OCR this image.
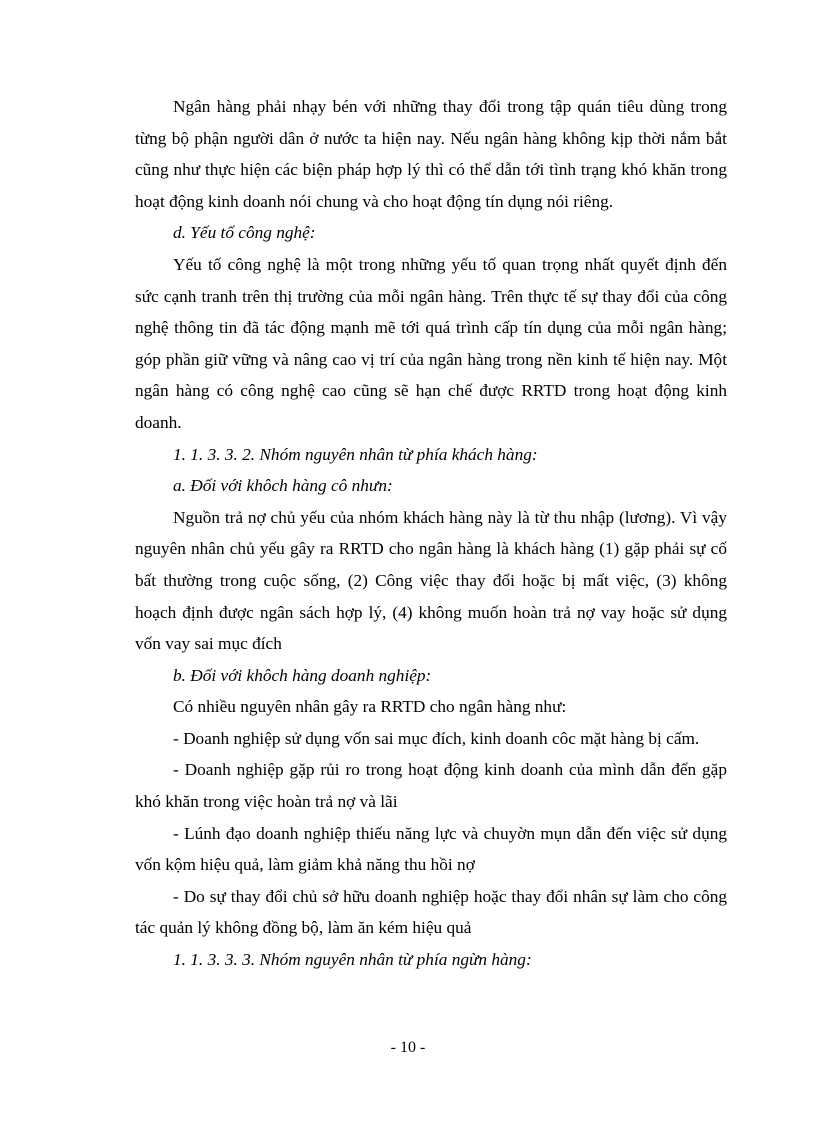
Ngân hàng phải nhạy bén với những thay đổi trong tập quán tiêu dùng trong từng bộ phận người dân ở nước ta hiện nay. Nếu ngân hàng không kịp thời nắm bắt cũng như thực hiện các biện pháp hợp lý thì có thể dẫn tới tình trạng khó khăn trong hoạt động kinh doanh nói chung và cho hoạt động tín dụng nói riêng.

d. Yếu tố công nghệ:

Yếu tố công nghệ là một trong những yếu tố quan trọng nhất quyết định đến sức cạnh tranh trên thị trường của mỗi ngân hàng. Trên thực tế sự thay đổi của công nghệ thông tin đã tác động mạnh mẽ tới quá trình cấp tín dụng của mỗi ngân hàng; góp phần giữ vững và nâng cao vị trí của ngân hàng trong nền kinh tế hiện nay. Một ngân hàng có công nghệ cao cũng sẽ hạn chế được RRTD trong hoạt động kinh doanh.

1. 1. 3. 3. 2. Nhóm nguyên nhân từ phía khách hàng:

a. Đối với khôch hàng cô nhưn:

Nguồn trả nợ chủ yếu của nhóm khách hàng này là từ thu nhập (lương). Vì vậy nguyên nhân chủ yếu gây ra RRTD cho ngân hàng là khách hàng (1) gặp phải sự cố bất thường trong cuộc sống, (2) Công việc thay đổi hoặc bị mất việc, (3) không hoạch định được ngân sách hợp lý, (4) không muốn hoàn trả nợ vay hoặc sử dụng vốn vay sai mục đích

b. Đối với khôch hàng doanh nghiệp:

Có nhiều nguyên nhân gây ra RRTD cho ngân hàng như:

- Doanh nghiệp sử dụng vốn sai mục đích, kinh doanh côc mặt hàng bị cấm.

- Doanh nghiệp gặp rủi ro trong hoạt động kinh doanh của mình dẫn đến gặp khó khăn trong việc hoàn trả nợ và lãi

- Lúnh đạo doanh nghiệp thiếu năng lực và chuyờn mụn dẫn đến việc sử dụng vốn kộm hiệu quả, làm giảm khả năng thu hồi nợ

- Do sự thay đổi chủ sở hữu doanh nghiệp hoặc thay đổi nhân sự làm cho công tác quản lý không đồng bộ, làm ăn kém hiệu quả

1. 1. 3. 3. 3. Nhóm nguyên nhân từ phía ngừn hàng:

- 10 -
